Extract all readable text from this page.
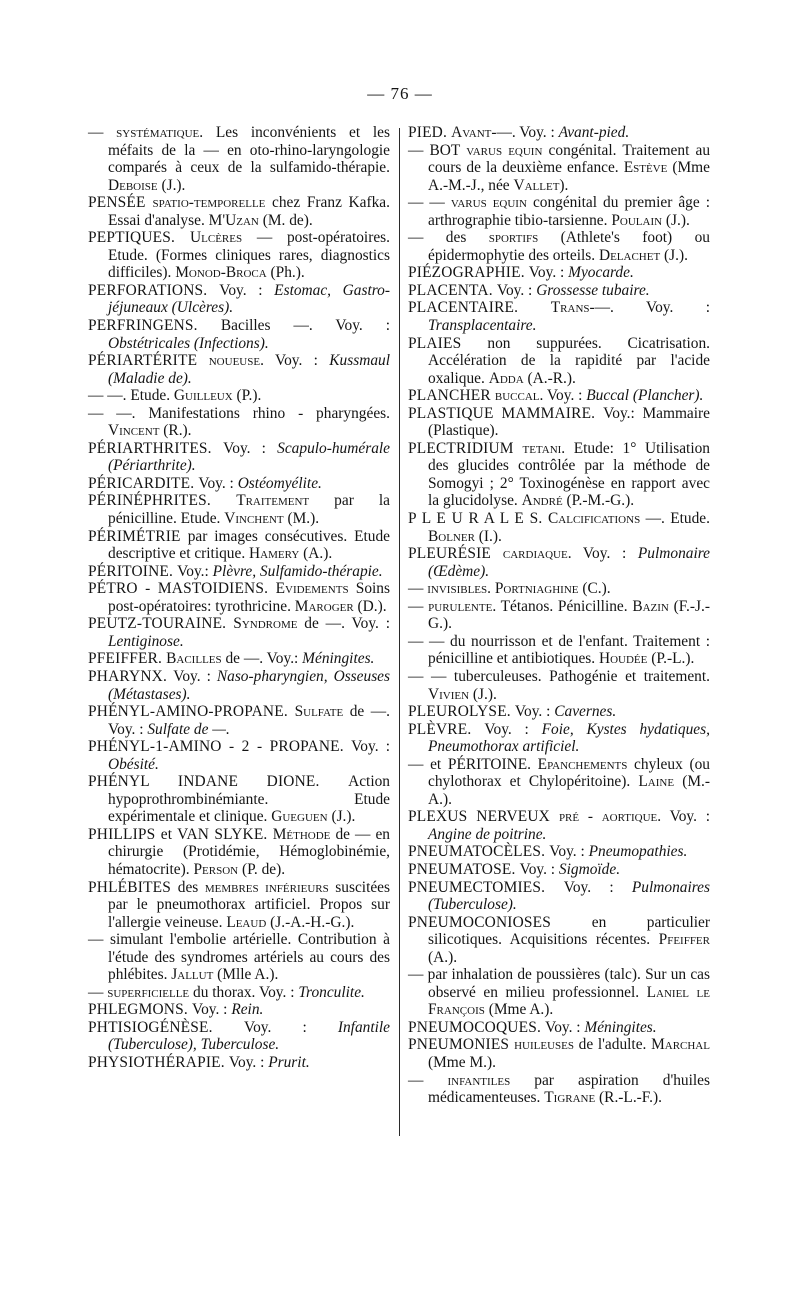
— 76 —

— systématique. Les inconvénients et les méfaits de la — en oto-rhino-laryngologie comparés à ceux de la sulfamido-thérapie. Deboise (J.).

PENSÉE spatio-temporelle chez Franz Kafka. Essai d'analyse. M'Uzan (M. de).

PEPTIQUES. Ulcères — post-opératoires. Etude. (Formes cliniques rares, diagnostics difficiles). Monod-Broca (Ph.).

PERFORATIONS. Voy. : Estomac, Gastro-jéjuneaux (Ulcères).

PERFRINGENS. Bacilles —. Voy. : Obstétricales (Infections).

PÉRIARTÉRITE noueuse. Voy. : Kussmaul (Maladie de).

— —. Etude. Guilleux (P.).

— —. Manifestations rhino - pharyngées. Vincent (R.).

PÉRIARTHRITES. Voy. : Scapulo-humérale (Périarthrite).

PÉRICARDITE. Voy. : Ostéomyélite.

PÉRINÉPHRITES. Traitement par la pénicilline. Etude. Vinchent (M.).

PÉRIMÉTRIE par images consécutives. Etude descriptive et critique. Hamery (A.).

PÉRITOINE. Voy.: Plèvre, Sulfamido-thérapie.

PÉTRO - MASTOIDIENS. Evidements Soins post-opératoires: tyrothricine. Maroger (D.).

PEUTZ-TOURAINE. Syndrome de —. Voy. : Lentiginose.

PFEIFFER. Bacilles de —. Voy.: Méningites.

PHARYNX. Voy. : Naso-pharyngien, Osseuses (Métastases).

PHÉNYL-AMINO-PROPANE. Sulfate de —. Voy. : Sulfate de —.

PHÉNYL-1-AMINO - 2 - PROPANE. Voy. : Obésité.

PHÉNYL INDANE DIONE. Action hypoprothrombinémiante. Etude expérimentale et clinique. Gueguen (J.).

PHILLIPS et VAN SLYKE. Méthode de — en chirurgie (Protidémie, Hémoglobinémie, hématocrite). Person (P. de).

PHLÉBITES des membres inférieurs suscitées par le pneumothorax artificiel. Propos sur l'allergie veineuse. Leaud (J.-A.-H.-G.).

— simulant l'embolie artérielle. Contribution à l'étude des syndromes artériels au cours des phlébites. Jallut (Mlle A.).

— superficielle du thorax. Voy. : Tronculite.

PHLEGMONS. Voy. : Rein.

PHTISIOGÉNÈSE. Voy. : Infantile (Tuberculose), Tuberculose.

PHYSIOTHÉRAPIE. Voy. : Prurit.

PIED. Avant-—. Voy. : Avant-pied.

— BOT varus equin congénital. Traitement au cours de la deuxième enfance. Estève (Mme A.-M.-J., née Vallet).

— — varus equin congénital du premier âge : arthrographie tibio-tarsienne. Poulain (J.).

— des sportifs (Athlete's foot) ou épidermophytie des orteils. Delachet (J.).

PIÉZOGRAPHIE. Voy. : Myocarde.

PLACENTA. Voy. : Grossesse tubaire.

PLACENTAIRE. Trans-—. Voy. : Transplacentaire.

PLAIES non suppurées. Cicatrisation. Accélération de la rapidité par l'acide oxalique. Adda (A.-R.).

PLANCHER buccal. Voy. : Buccal (Plancher).

PLASTIQUE MAMMAIRE. Voy.: Mammaire (Plastique).

PLECTRIDIUM tetani. Etude: 1° Utilisation des glucides contrôlée par la méthode de Somogyi ; 2° Toxinogénèse en rapport avec la glucidolyse. André (P.-M.-G.).

P L E U R A L E S. Calcifications —. Etude. Bolner (I.).

PLEURÉSIE cardiaque. Voy. : Pulmonaire (Œdème).

— invisibles. Portniaghine (C.).

— purulente. Tétanos. Pénicilline. Bazin (F.-J.-G.).

— — du nourrisson et de l'enfant. Traitement : pénicilline et antibiotiques. Houdée (P.-L.).

— — tuberculeuses. Pathogénie et traitement. Vivien (J.).

PLEUROLYSE. Voy. : Cavernes.

PLÈVRE. Voy. : Foie, Kystes hydatiques, Pneumothorax artificiel.

— et PÉRITOINE. Epanchements chyleux (ou chylothorax et Chylopéritoine). Laine (M.-A.).

PLEXUS NERVEUX pré - aortique. Voy. : Angine de poitrine.

PNEUMATOCÈLES. Voy. : Pneumopathies.

PNEUMATOSE. Voy. : Sigmoïde.

PNEUMECTOMIES. Voy. : Pulmonaires (Tuberculose).

PNEUMOCONIOSES en particulier silicotiques. Acquisitions récentes. Pfeiffer (A.).

— par inhalation de poussières (talc). Sur un cas observé en milieu professionnel. Laniel le François (Mme A.).

PNEUMOCOQUES. Voy. : Méningites.

PNEUMONIES huileuses de l'adulte. Marchal (Mme M.).

— infantiles par aspiration d'huiles médicamenteuses. Tigrane (R.-L.-F.).
